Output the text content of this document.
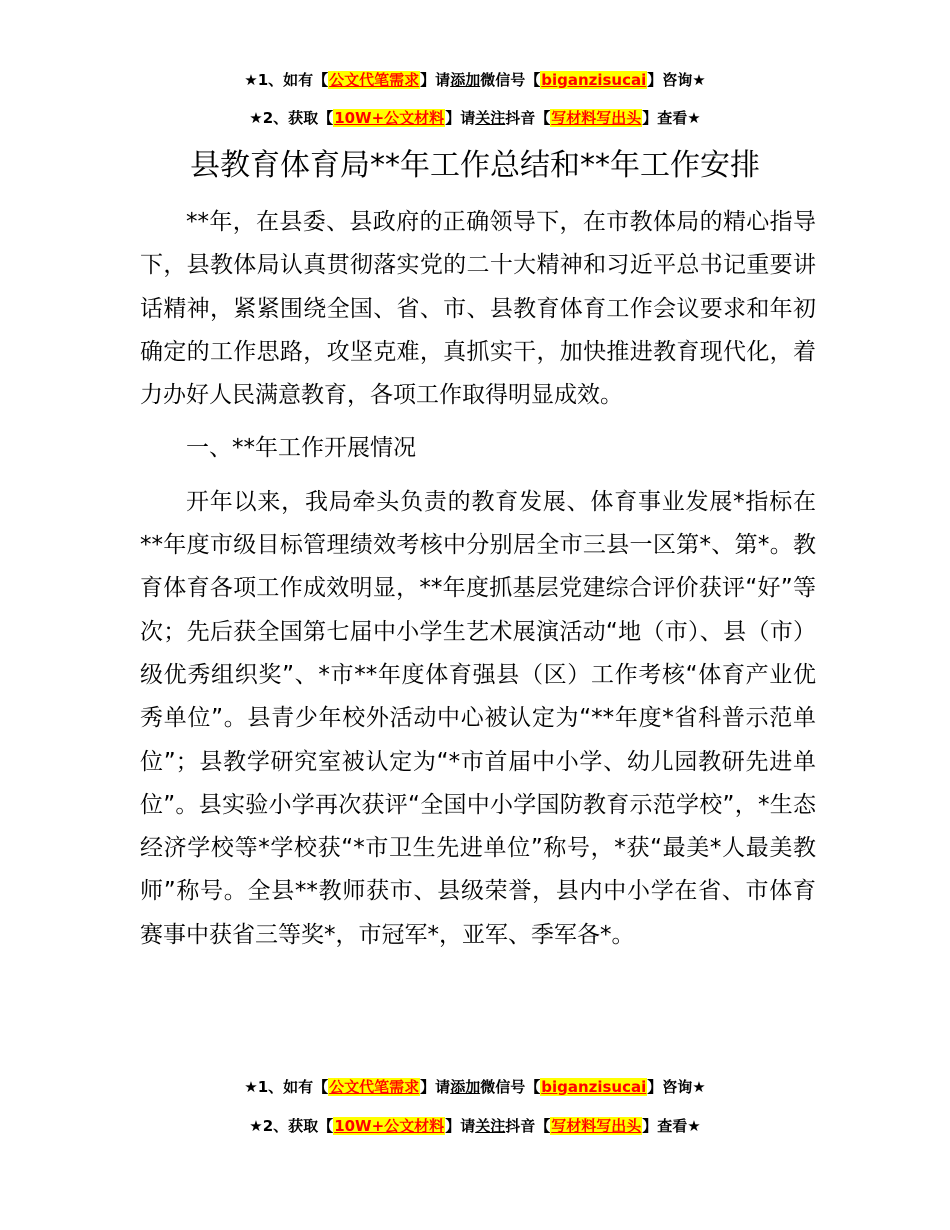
★1、如有【公文代笔需求】请添加微信号【biganzisucai】咨询★
★2、获取【10W+公文材料】请关注抖音【写材料写出头】查看★
县教育体育局**年工作总结和**年工作安排

**年，在县委、县政府的正确领导下，在市教体局的精心指导下，县教体局认真贯彻落实党的二十大精神和习近平总书记重要讲话精神，紧紧围绕全国、省、市、县教育体育工作会议要求和年初确定的工作思路，攻坚克难，真抓实干，加快推进教育现代化，着力办好人民满意教育，各项工作取得明显成效。

一、**年工作开展情况

开年以来，我局牵头负责的教育发展、体育事业发展*指标在**年度市级目标管理绩效考核中分别居全市三县一区第*、第*。教育体育各项工作成效明显，**年度抓基层党建综合评价获评“好”等次；先后获全国第七届中小学生艺术展演活动“地（市）、县（市）级优秀组织奖”、*市**年度体育强县（区）工作考核“体育产业优秀单位”。县青少年校外活动中心被认定为“**年度*省科普示范单位”；县教学研究室被认定为“*市首届中小学、幼儿园教研先进单位”。县实验小学再次获评“全国中小学国防教育示范学校”，*生态经济学校等*学校获“*市卫生先进单位”称号，*获“最美*人最美教师”称号。全县**教师获市、县级荣誉，县内中小学在省、市体育赛事中获省三等奖*，市冠军*，亚军、季军各*。

★1、如有【公文代笔需求】请添加微信号【biganzisucai】咨询★
★2、获取【10W+公文材料】请关注抖音【写材料写出头】查看★
